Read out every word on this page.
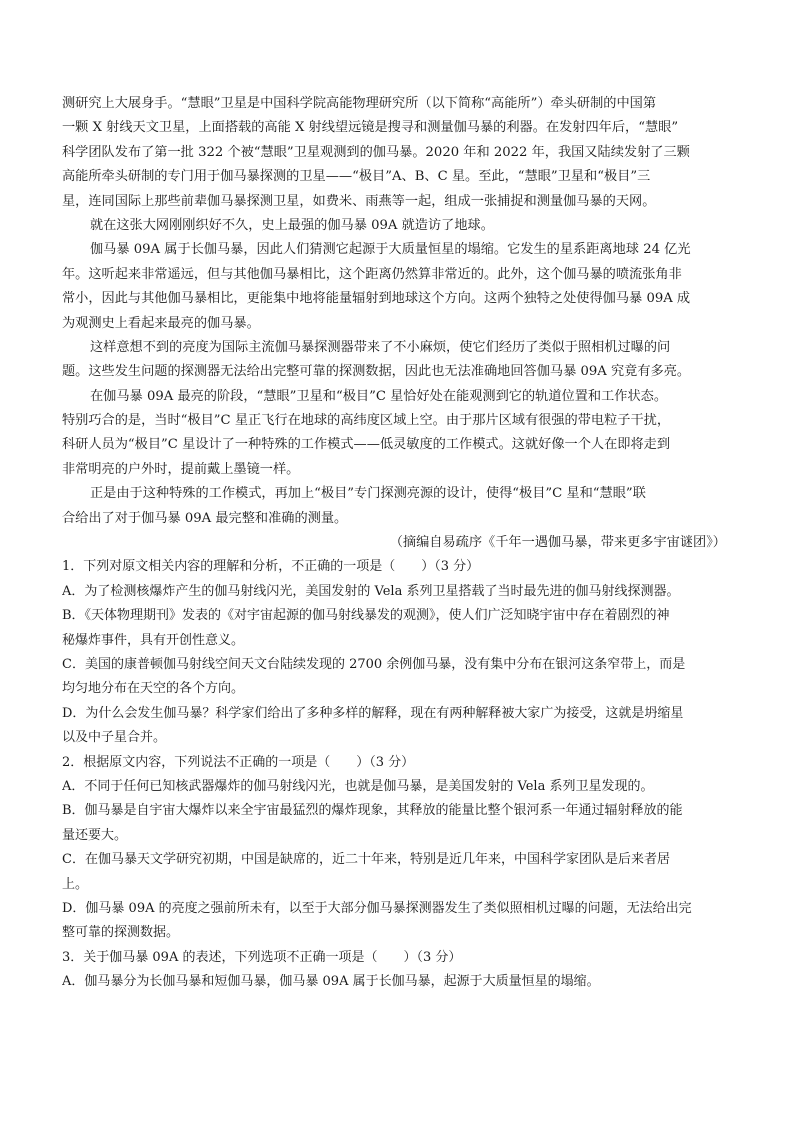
测研究上大展身手。“慧眼”卫星是中国科学院高能物理研究所（以下简称“高能所”）牵头研制的中国第
一颗 X 射线天文卫星，上面搭载的高能 X 射线望远镜是搜寻和测量伽马暴的利器。在发射四年后，“慧眼”
科学团队发布了第一批 322 个被“慧眼”卫星观测到的伽马暴。2020 年和 2022 年，我国又陆续发射了三颗
高能所牵头研制的专门用于伽马暴探测的卫星——“极目”A、B、C 星。至此，“慧眼”卫星和“极目”三
星，连同国际上那些前辈伽马暴探测卫星，如费米、雨燕等一起，组成一张捕捉和测量伽马暴的天网。
就在这张大网刚刚织好不久，史上最强的伽马暴 09A 就造访了地球。
伽马暴 09A 属于长伽马暴，因此人们猜测它起源于大质量恒星的塌缩。它发生的星系距离地球 24 亿光
年。这听起来非常遥远，但与其他伽马暴相比，这个距离仍然算非常近的。此外，这个伽马暴的喷流张角非
常小，因此与其他伽马暴相比，更能集中地将能量辐射到地球这个方向。这两个独特之处使得伽马暴 09A 成
为观测史上看起来最亮的伽马暴。
这样意想不到的亮度为国际主流伽马暴探测器带来了不小麻烦，使它们经历了类似于照相机过曝的问
题。这些发生问题的探测器无法给出完整可靠的探测数据，因此也无法准确地回答伽马暴 09A 究竟有多亮。
在伽马暴 09A 最亮的阶段，“慧眼”卫星和“极目”C 星恰好处在能观测到它的轨道位置和工作状态。
特别巧合的是，当时“极目”C 星正飞行在地球的高纬度区域上空。由于那片区域有很强的带电粒子干扰，
科研人员为“极目”C 星设计了一种特殊的工作模式——低灵敏度的工作模式。这就好像一个人在即将走到
非常明亮的户外时，提前戴上墨镜一样。
正是由于这种特殊的工作模式，再加上“极目”专门探测亮源的设计，使得“极目”C 星和“慧眼”联
合给出了对于伽马暴 09A 最完整和准确的测量。
（摘编自易疏序《千年一遇伽马暴，带来更多宇宙谜团》）
1．下列对原文相关内容的理解和分析，不正确的一项是（　　）（3 分）
A．为了检测核爆炸产生的伽马射线闪光，美国发射的 Vela 系列卫星搭载了当时最先进的伽马射线探测器。
B．《天体物理期刊》发表的《对宇宙起源的伽马射线暴发的观测》，使人们广泛知晓宇宙中存在着剧烈的神
秘爆炸事件，具有开创性意义。
C．美国的康普顿伽马射线空间天文台陆续发现的 2700 余例伽马暴，没有集中分布在银河这条窄带上，而是
均匀地分布在天空的各个方向。
D．为什么会发生伽马暴？科学家们给出了多种多样的解释，现在有两种解释被大家广为接受，这就是坍缩星
以及中子星合并。
2．根据原文内容，下列说法不正确的一项是（　　）（3 分）
A．不同于任何已知核武器爆炸的伽马射线闪光，也就是伽马暴，是美国发射的 Vela 系列卫星发现的。
B．伽马暴是自宇宙大爆炸以来全宇宙最猛烈的爆炸现象，其释放的能量比整个银河系一年通过辐射释放的能
量还要大。
C．在伽马暴天文学研究初期，中国是缺席的，近二十年来，特别是近几年来，中国科学家团队是后来者居
上。
D．伽马暴 09A 的亮度之强前所未有，以至于大部分伽马暴探测器发生了类似照相机过曝的问题，无法给出完
整可靠的探测数据。
3．关于伽马暴 09A 的表述，下列选项不正确一项是（　　）（3 分）
A．伽马暴分为长伽马暴和短伽马暴，伽马暴 09A 属于长伽马暴，起源于大质量恒星的塌缩。
